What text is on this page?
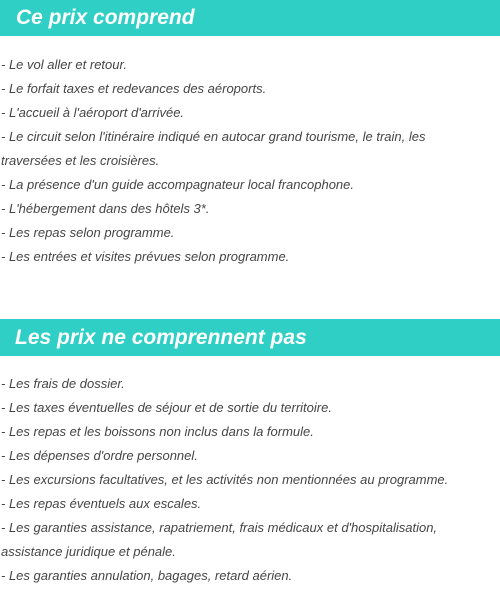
Ce prix comprend
- Le vol aller et retour.
- Le forfait taxes et redevances des aéroports.
- L'accueil à l'aéroport d'arrivée.
- Le circuit selon l'itinéraire indiqué en autocar grand tourisme, le train, les traversées et les croisières.
- La présence d'un guide accompagnateur local francophone.
- L'hébergement dans des hôtels 3*.
- Les repas selon programme.
- Les entrées et visites prévues selon programme.
Les prix ne comprennent pas
- Les frais de dossier.
- Les taxes éventuelles de séjour et de sortie du territoire.
- Les repas et les boissons non inclus dans la formule.
- Les dépenses d'ordre personnel.
- Les excursions facultatives, et les activités non mentionnées au programme.
- Les repas éventuels aux escales.
- Les garanties assistance, rapatriement, frais médicaux et d'hospitalisation, assistance juridique et pénale.
- Les garanties annulation, bagages, retard aérien.
